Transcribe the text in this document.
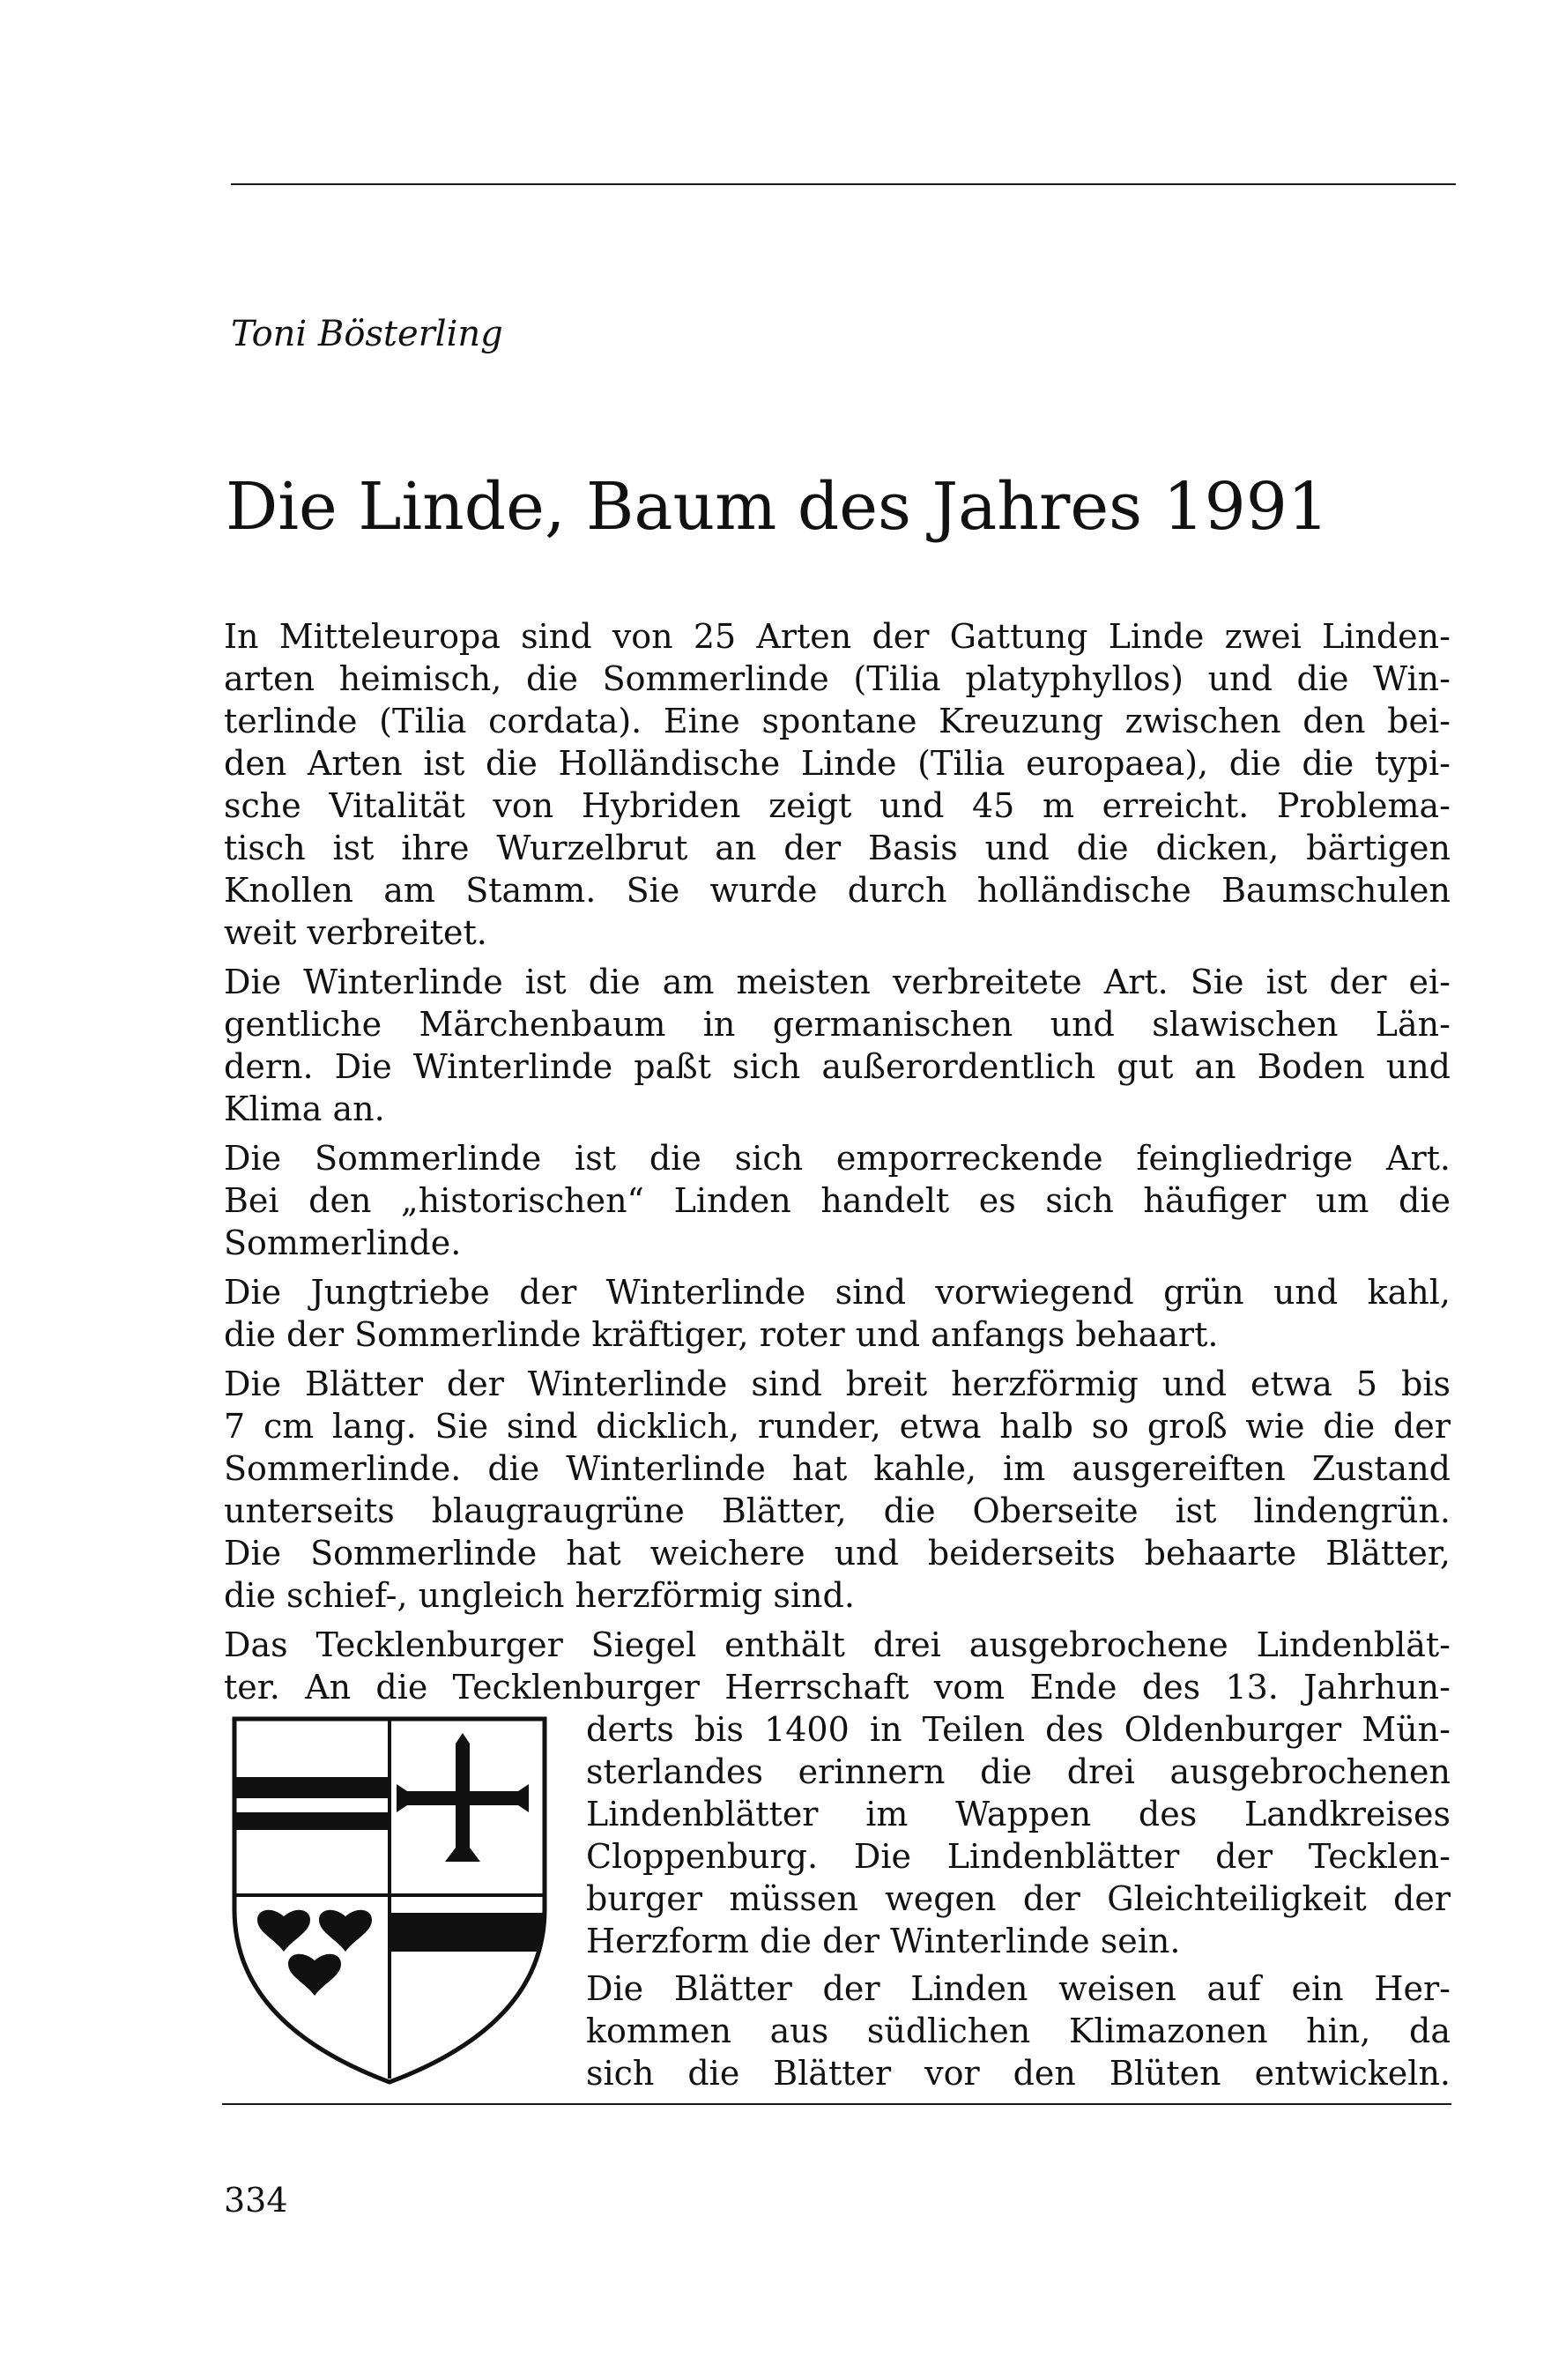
Toni Bösterling
Die Linde, Baum des Jahres 1991
In Mitteleuropa sind von 25 Arten der Gattung Linde zwei Linden-
arten heimisch, die Sommerlinde (Tilia platyphyllos) und die Win-
terlinde (Tilia cordata). Eine spontane Kreuzung zwischen den bei-
den Arten ist die Holländische Linde (Tilia europaea), die die typi-
sche Vitalität von Hybriden zeigt und 45 m erreicht. Problema-
tisch ist ihre Wurzelbrut an der Basis und die dicken, bärtigen
Knollen am Stamm. Sie wurde durch holländische Baumschulen
weit verbreitet.
Die Winterlinde ist die am meisten verbreitete Art. Sie ist der ei-
gentliche Märchenbaum in germanischen und slawischen Län-
dern. Die Winterlinde paßt sich außerordentlich gut an Boden und
Klima an.
Die Sommerlinde ist die sich emporreckende feingliedrige Art.
Bei den „historischen“ Linden handelt es sich häufiger um die
Sommerlinde.
Die Jungtriebe der Winterlinde sind vorwiegend grün und kahl,
die der Sommerlinde kräftiger, roter und anfangs behaart.
Die Blätter der Winterlinde sind breit herzförmig und etwa 5 bis
7 cm lang. Sie sind dicklich, runder, etwa halb so groß wie die der
Sommerlinde. die Winterlinde hat kahle, im ausgereiften Zustand
unterseits blaugraugrüne Blätter, die Oberseite ist lindengrün.
Die Sommerlinde hat weichere und beiderseits behaarte Blätter,
die schief-, ungleich herzförmig sind.
Das Tecklenburger Siegel enthält drei ausgebrochene Lindenblät-
ter. An die Tecklenburger Herrschaft vom Ende des 13. Jahrhun-
derts bis 1400 in Teilen des Oldenburger Mün-
sterlandes erinnern die drei ausgebrochenen
Lindenblätter im Wappen des Landkreises
Cloppenburg. Die Lindenblätter der Tecklen-
burger müssen wegen der Gleichteiligkeit der
Herzform die der Winterlinde sein.
Die Blätter der Linden weisen auf ein Her-
kommen aus südlichen Klimazonen hin, da
sich die Blätter vor den Blüten entwickeln.
334
